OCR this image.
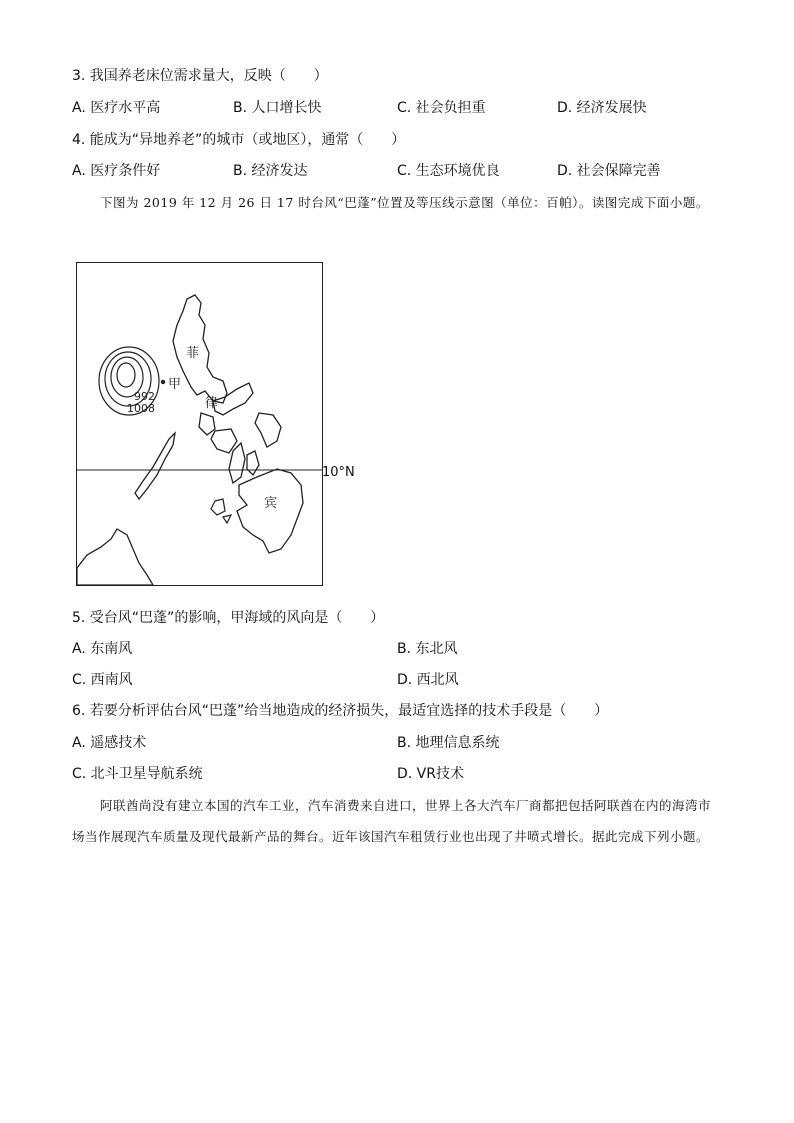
3. 我国养老床位需求量大，反映（　　）
A. 医疗水平高	B. 人口增长快	C. 社会负担重	D. 经济发展快
4. 能成为“异地养老”的城市（或地区），通常（　　）
A. 医疗条件好	B. 经济发达	C. 生态环境优良	D. 社会保障完善
下图为 2019 年 12 月 26 日 17 时台风“巴蓬”位置及等压线示意图（单位：百帕）。读图完成下面小题。
992
1008
甲
菲
律
宾
10°N
5. 受台风“巴蓬”的影响，甲海域的风向是（　　）
A. 东南风	B. 东北风
C. 西南风	D. 西北风
6. 若要分析评估台风“巴蓬”给当地造成的经济损失，最适宜选择的技术手段是（　　）
A. 遥感技术	B. 地理信息系统
C. 北斗卫星导航系统	D. VR技术
阿联酋尚没有建立本国的汽车工业，汽车消费来自进口，世界上各大汽车厂商都把包括阿联酋在内的海湾市场当作展现汽车质量及现代最新产品的舞台。近年该国汽车租赁行业也出现了井喷式增长。据此完成下列小题。
